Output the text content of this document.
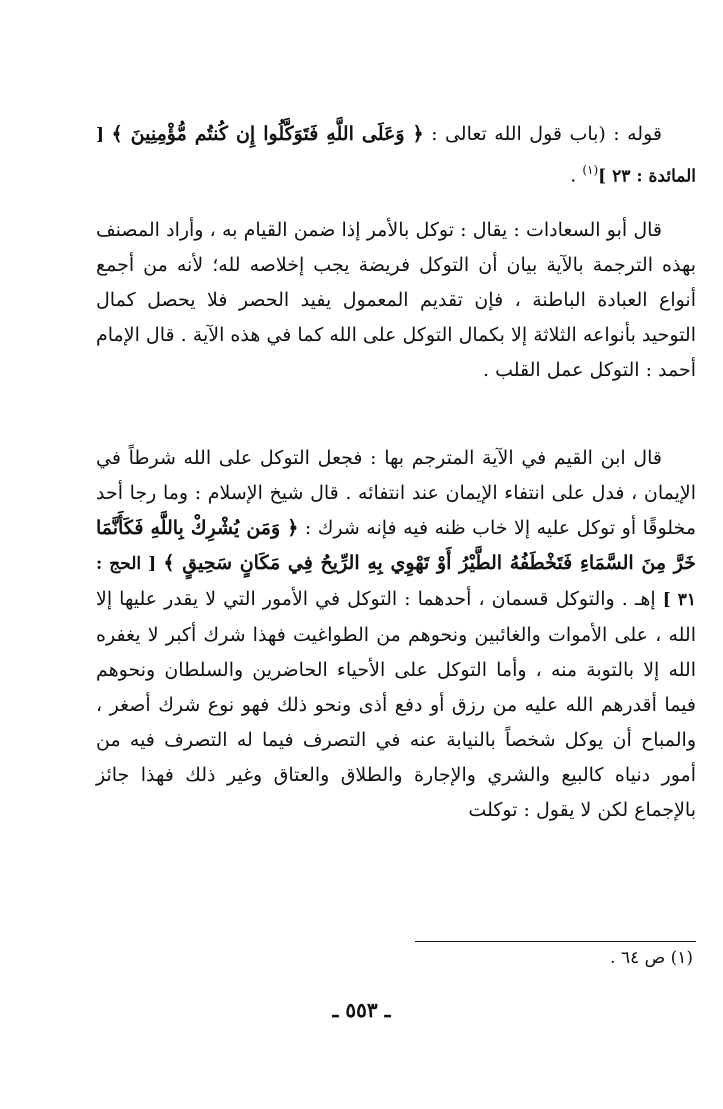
قوله : (باب قول الله تعالى : ﴿ وَعَلَى اللَّهِ فَتَوَكَّلُوا إِن كُنتُم مُّؤْمِنِينَ ﴾ [ المائدة : ٢٣ ]$^{(١)}$ .

قال أبو السعادات : يقال : توكل بالأمر إذا ضمن القيام به ، وأراد المصنف بهذه الترجمة بالآية بيان أن التوكل فريضة يجب إخلاصه لله؛ لأنه من أجمع أنواع العبادة الباطنة ، فإن تقديم المعمول يفيد الحصر فلا يحصل كمال التوحيد بأنواعه الثلاثة إلا بكمال التوكل على الله كما في هذه الآية . قال الإمام أحمد : التوكل عمل القلب .

قال ابن القيم في الآية المترجم بها : فجعل التوكل على الله شرطاً في الإيمان ، فدل على انتفاء الإيمان عند انتفائه . قال شيخ الإسلام : وما رجا أحد مخلوقًا أو توكل عليه إلا خاب ظنه فيه فإنه شرك : ﴿ وَمَن يُشْرِكْ بِاللَّهِ فَكَأَنَّمَا خَرَّ مِنَ السَّمَاءِ فَتَخْطَفُهُ الطَّيْرُ أَوْ تَهْوِي بِهِ الرِّيحُ فِي مَكَانٍ سَحِيقٍ ﴾ [ الحج : ٣١ ] إهـ . والتوكل قسمان ، أحدهما : التوكل في الأمور التي لا يقدر عليها إلا الله ، على الأموات والغائبين ونحوهم من الطواغيت فهذا شرك أكبر لا يغفره الله إلا بالتوبة منه ، وأما التوكل على الأحياء الحاضرين والسلطان ونحوهم فيما أقدرهم الله عليه من رزق أو دفع أذى ونحو ذلك فهو نوع شرك أصغر ، والمباح أن يوكل شخصاً بالنيابة عنه في التصرف فيما له التصرف فيه من أمور دنياه كالبيع والشري والإجارة والطلاق والعتاق وغير ذلك فهذا جائز بالإجماع لكن لا يقول : توكلت

(١) ص ٦٤ .
ـ ٥٥٣ ـ
